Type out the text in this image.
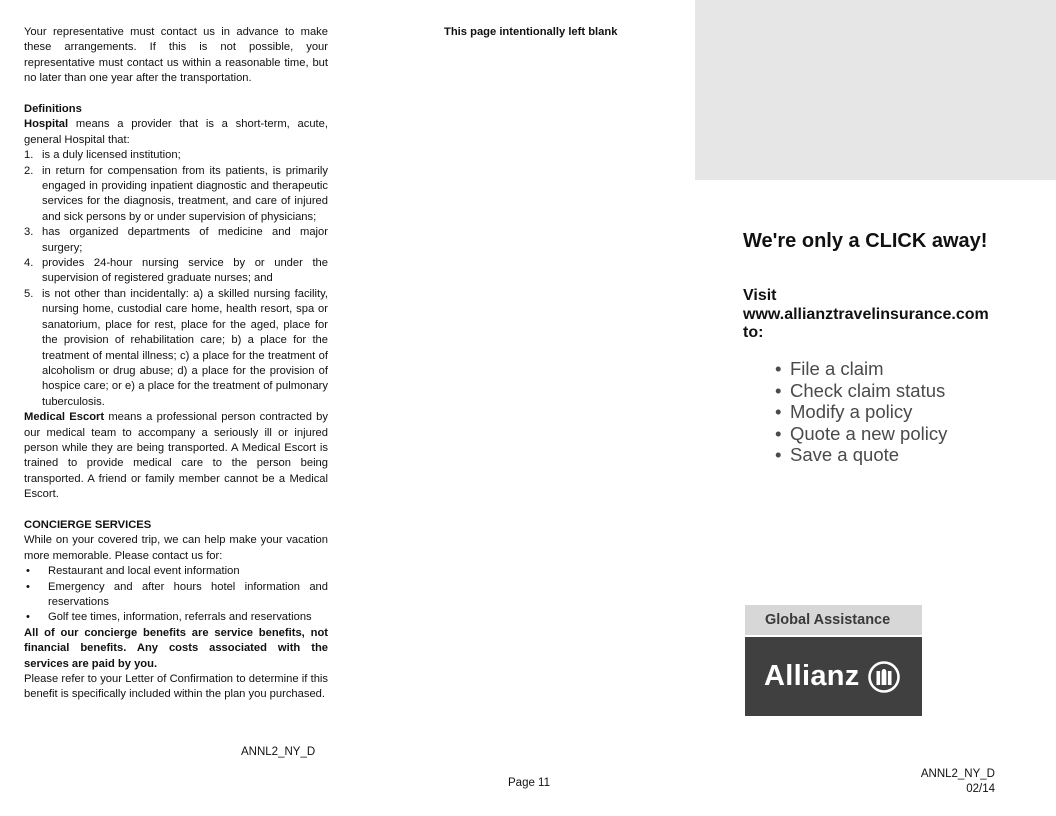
Your representative must contact us in advance to make these arrangements. If this is not possible, your representative must contact us within a reasonable time, but no later than one year after the transportation.

Definitions

Hospital means a provider that is a short-term, acute, general Hospital that:

1. is a duly licensed institution;
2. in return for compensation from its patients, is primarily engaged in providing inpatient diagnostic and therapeutic services for the diagnosis, treatment, and care of injured and sick persons by or under supervision of physicians;
3. has organized departments of medicine and major surgery;
4. provides 24-hour nursing service by or under the supervision of registered graduate nurses; and
5. is not other than incidentally: a) a skilled nursing facility, nursing home, custodial care home, health resort, spa or sanatorium, place for rest, place for the aged, place for the provision of rehabilitation care; b) a place for the treatment of mental illness; c) a place for the treatment of alcoholism or drug abuse; d) a place for the provision of hospice care; or e) a place for the treatment of pulmonary tuberculosis.

Medical Escort means a professional person contracted by our medical team to accompany a seriously ill or injured person while they are being transported. A Medical Escort is trained to provide medical care to the person being transported. A friend or family member cannot be a Medical Escort.

CONCIERGE SERVICES

While on your covered trip, we can help make your vacation more memorable. Please contact us for:

• Restaurant and local event information
• Emergency and after hours hotel information and reservations
• Golf tee times, information, referrals and reservations

All of our concierge benefits are service benefits, not financial benefits. Any costs associated with the services are paid by you.

Please refer to your Letter of Confirmation to determine if this benefit is specifically included within the plan you purchased.

ANNL2_NY_D
This page intentionally left blank
Page 11
We're only a CLICK away!
Visit
www.allianztravelinsurance.com
to:
• File a claim
• Check claim status
• Modify a policy
• Quote a new policy
• Save a quote
Global Assistance
Allianz
ANNL2_NY_D
02/14
